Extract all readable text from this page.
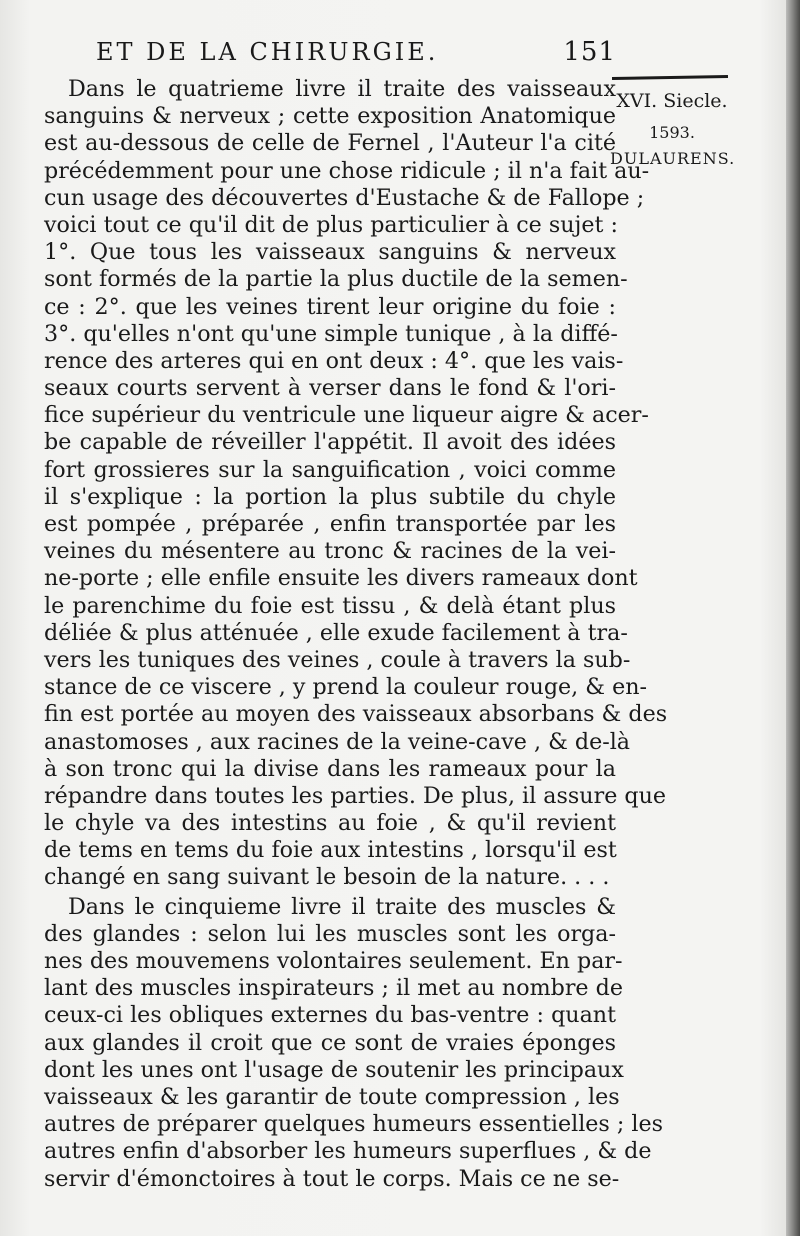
ET DE LA CHIRURGIE.	151
XVI. Siecle.
1593.
DULAURENS.
Dans le quatrieme livre il traite des vaisseaux
sanguins & nerveux ; cette exposition Anatomique
est au-dessous de celle de Fernel , l'Auteur l'a cité
précédemment pour une chose ridicule ; il n'a fait au-
cun usage des découvertes d'Eustache & de Fallope ;
voici tout ce qu'il dit de plus particulier à ce sujet :
1°. Que tous les vaisseaux sanguins & nerveux
sont formés de la partie la plus ductile de la semen-
ce : 2°. que les veines tirent leur origine du foie :
3°. qu'elles n'ont qu'une simple tunique , à la diffé-
rence des arteres qui en ont deux : 4°. que les vais-
seaux courts servent à verser dans le fond & l'ori-
fice supérieur du ventricule une liqueur aigre & acer-
be capable de réveiller l'appétit. Il avoit des idées
fort grossieres sur la sanguification , voici comme
il s'explique : la portion la plus subtile du chyle
est pompée , préparée , enfin transportée par les
veines du mésentere au tronc & racines de la vei-
ne-porte ; elle enfile ensuite les divers rameaux dont
le parenchime du foie est tissu , & delà étant plus
déliée & plus atténuée , elle exude facilement à tra-
vers les tuniques des veines , coule à travers la sub-
stance de ce viscere , y prend la couleur rouge, & en-
fin est portée au moyen des vaisseaux absorbans & des
anastomoses , aux racines de la veine-cave , & de-là
à son tronc qui la divise dans les rameaux pour la
répandre dans toutes les parties. De plus, il assure que
le chyle va des intestins au foie , & qu'il revient
de tems en tems du foie aux intestins , lorsqu'il est
changé en sang suivant le besoin de la nature. . . .
Dans le cinquieme livre il traite des muscles &
des glandes : selon lui les muscles sont les orga-
nes des mouvemens volontaires seulement. En par-
lant des muscles inspirateurs ; il met au nombre de
ceux-ci les obliques externes du bas-ventre : quant
aux glandes il croit que ce sont de vraies éponges
dont les unes ont l'usage de soutenir les principaux
vaisseaux & les garantir de toute compression , les
autres de préparer quelques humeurs essentielles ; les
autres enfin d'absorber les humeurs superflues , & de
servir d'émonctoires à tout le corps. Mais ce ne se-
